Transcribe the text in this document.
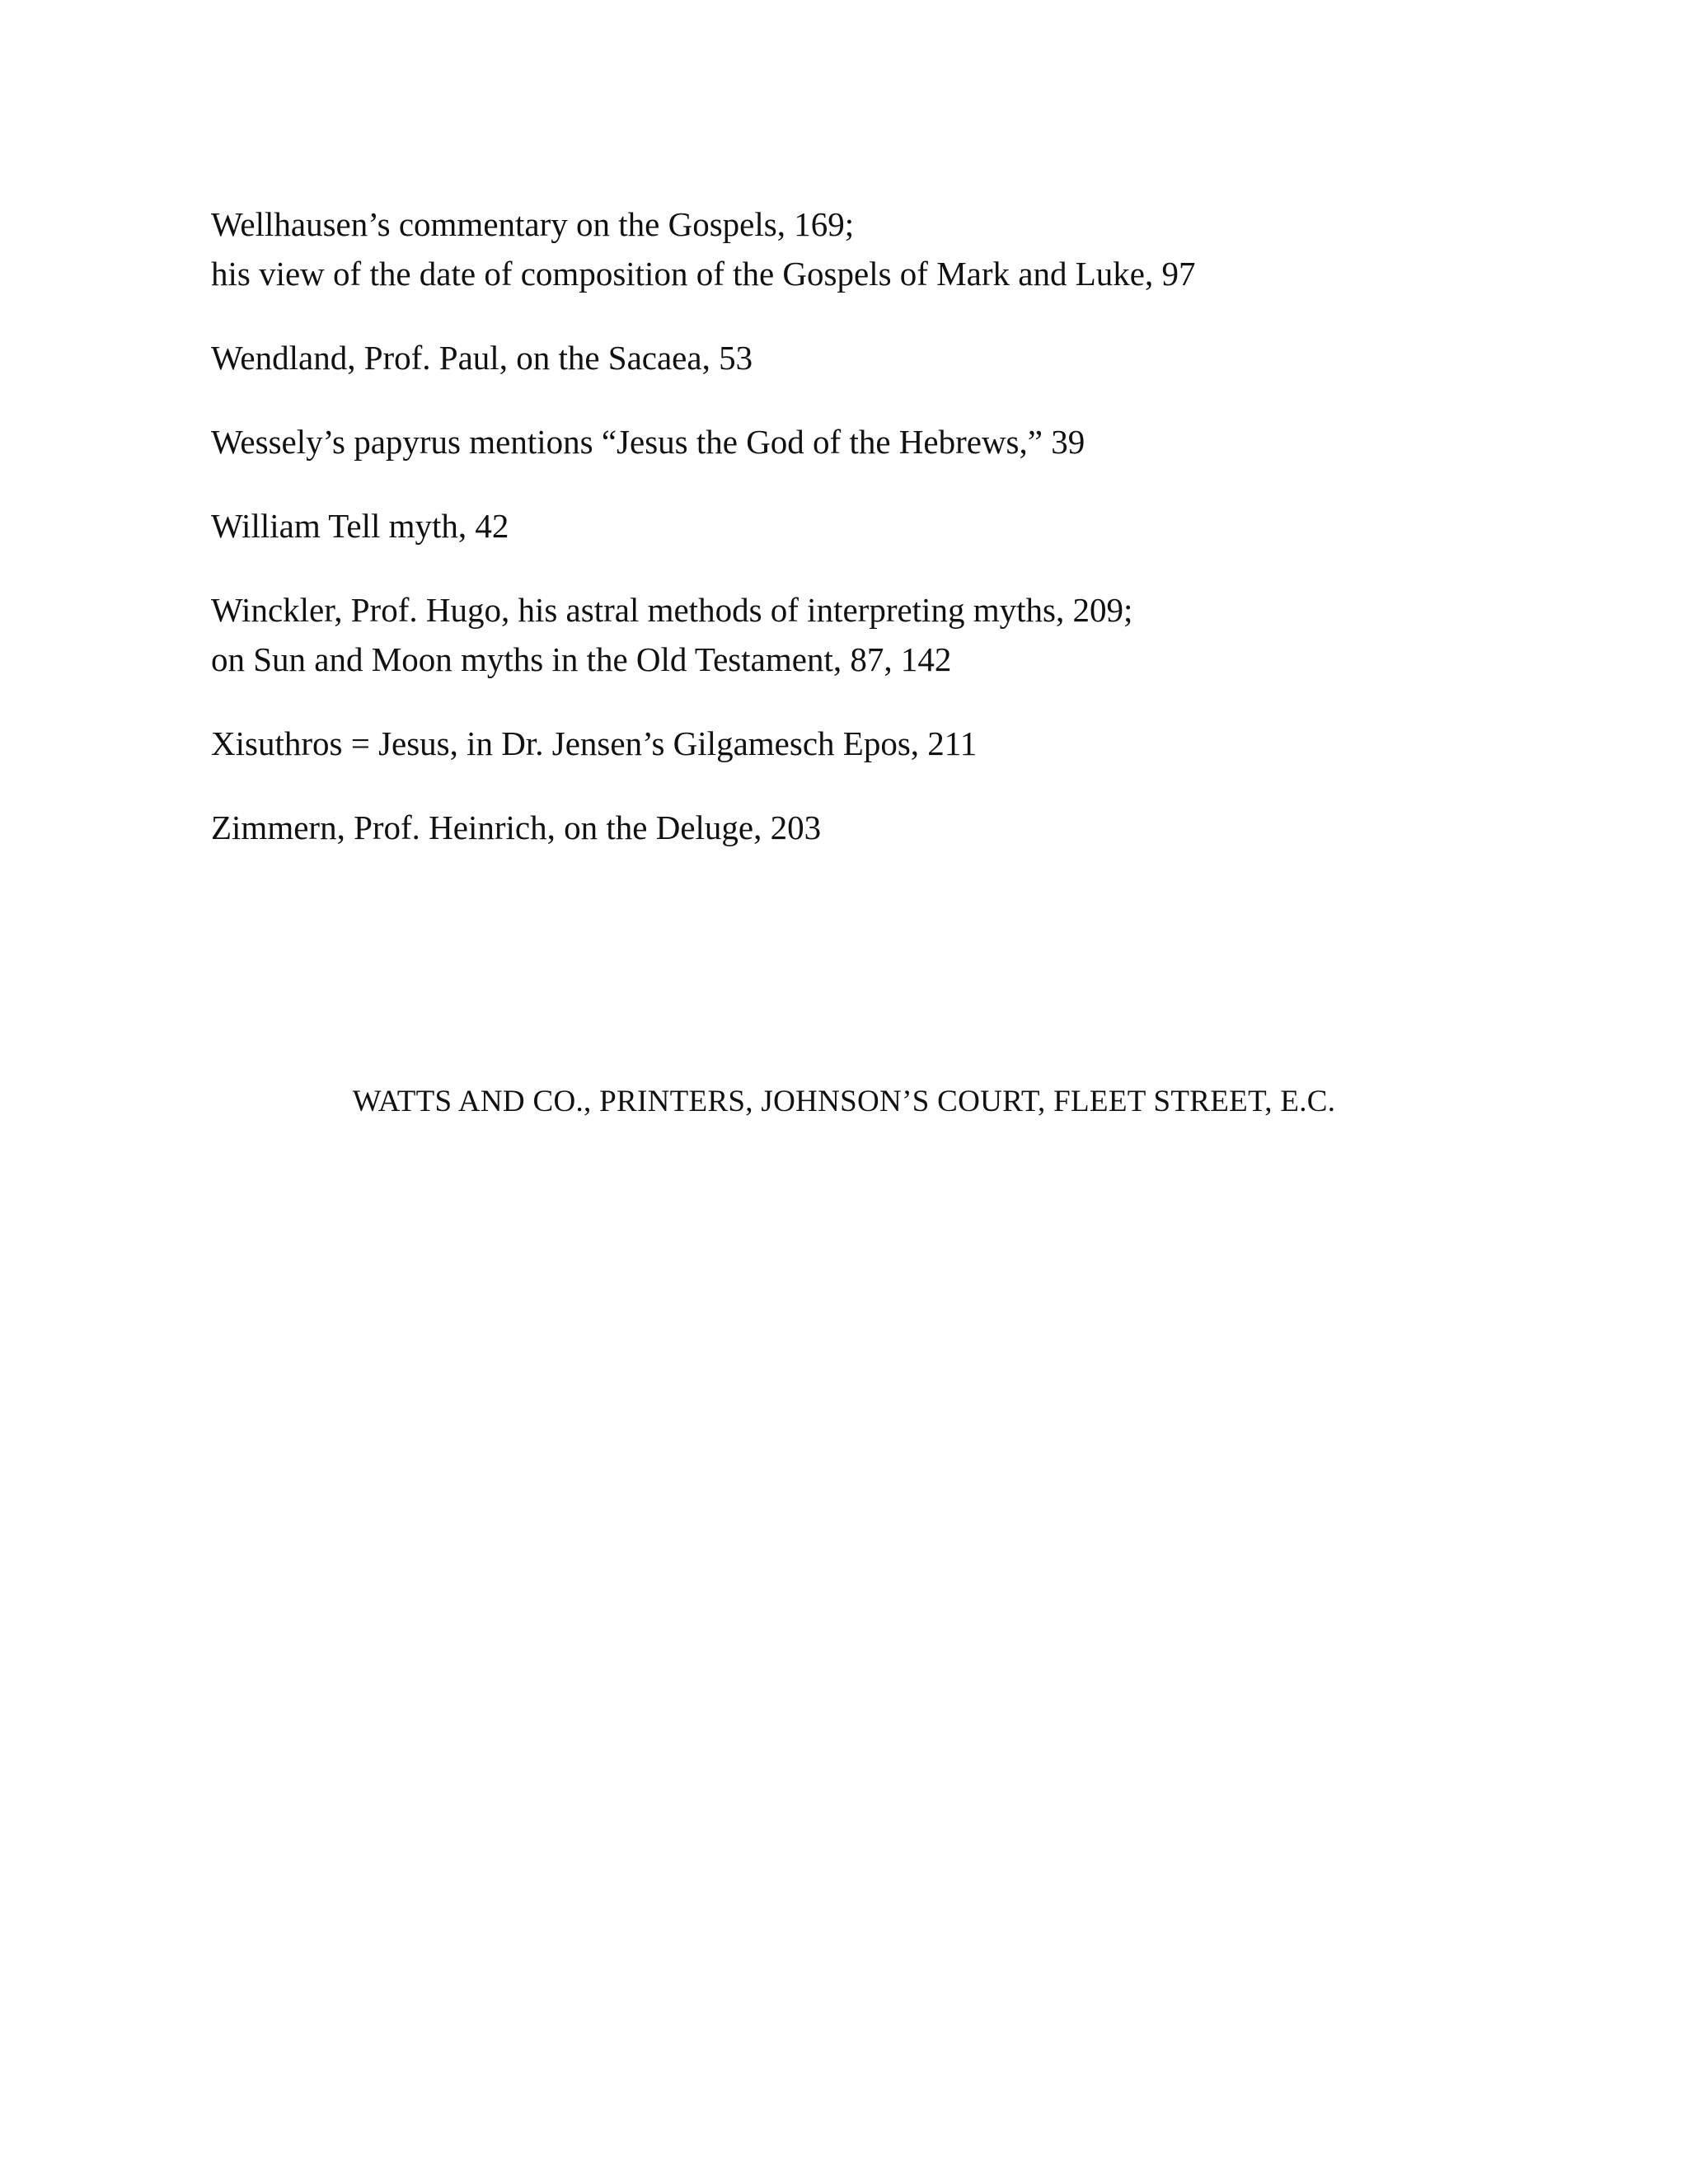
Wellhausen’s commentary on the Gospels, 169;
his view of the date of composition of the Gospels of Mark and Luke, 97
Wendland, Prof. Paul, on the Sacaea, 53
Wessely’s papyrus mentions “Jesus the God of the Hebrews,” 39
William Tell myth, 42
Winckler, Prof. Hugo, his astral methods of interpreting myths, 209;
on Sun and Moon myths in the Old Testament, 87, 142
Xisuthros = Jesus, in Dr. Jensen’s Gilgamesch Epos, 211
Zimmern, Prof. Heinrich, on the Deluge, 203
WATTS AND CO., PRINTERS, JOHNSON’S COURT, FLEET STREET, E.C.
